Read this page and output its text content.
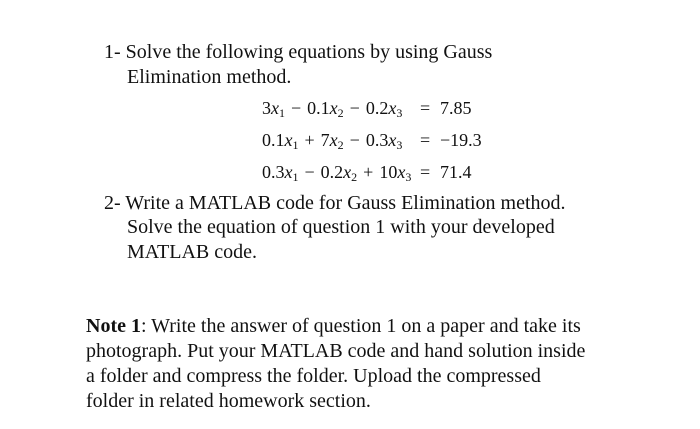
1- Solve the following equations by using Gauss
Elimination method.
$3x_1 - 0.1x_2 - 0.2x_3 = 7.85$
$0.1x_1 + 7x_2 - 0.3x_3 = -19.3$
$0.3x_1 - 0.2x_2 + 10x_3 = 71.4$
2- Write a MATLAB code for Gauss Elimination method.
Solve the equation of question 1 with your developed
MATLAB code.
Note 1: Write the answer of question 1 on a paper and take its
photograph. Put your MATLAB code and hand solution inside
a folder and compress the folder. Upload the compressed
folder in related homework section.
